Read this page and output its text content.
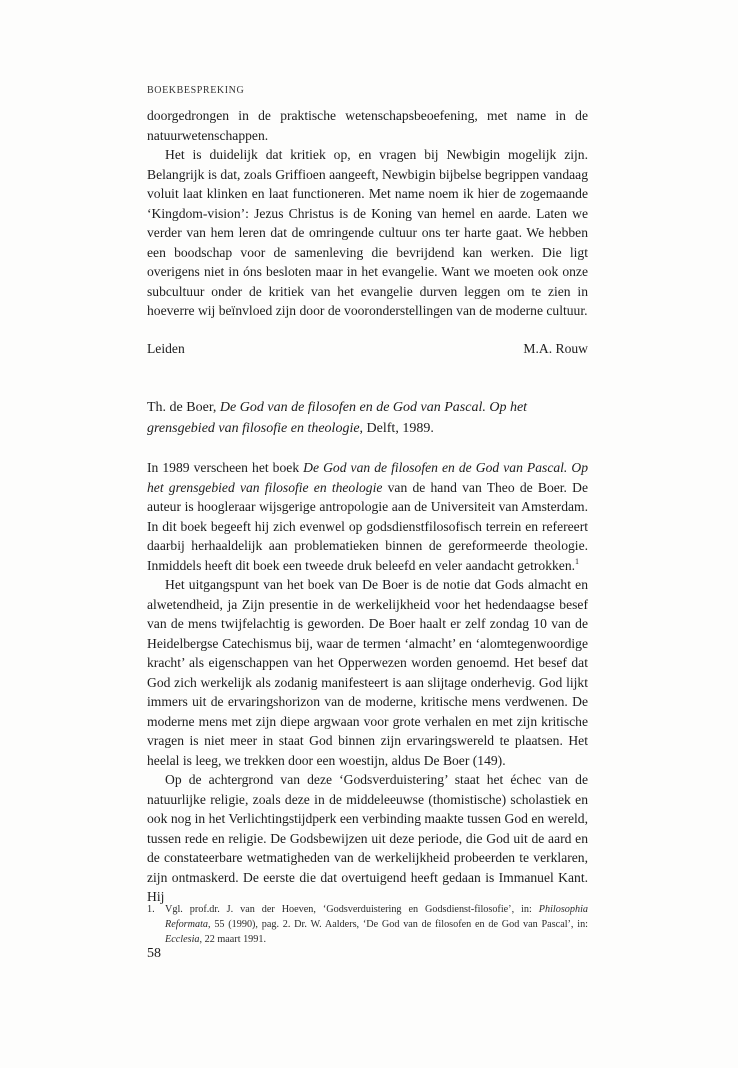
BOEKBESPREKING

doorgedrongen in de praktische wetenschapsbeoefening, met name in de natuurwetenschappen.

Het is duidelijk dat kritiek op, en vragen bij Newbigin mogelijk zijn. Belangrijk is dat, zoals Griffioen aangeeft, Newbigin bijbelse begrippen vandaag voluit laat klinken en laat functioneren. Met name noem ik hier de zogemaande ‘Kingdom-vision’: Jezus Christus is de Koning van hemel en aarde. Laten we verder van hem leren dat de omringende cultuur ons ter harte gaat. We hebben een boodschap voor de samenleving die bevrijdend kan werken. Die ligt overigens niet in óns besloten maar in het evangelie. Want we moeten ook onze subcultuur onder de kritiek van het evangelie durven leggen om te zien in hoeverre wij beïnvloed zijn door de vooronderstellingen van de moderne cultuur.

Leiden	M.A. Rouw

Th. de Boer, De God van de filosofen en de God van Pascal. Op het grensgebied van filosofie en theologie, Delft, 1989.

In 1989 verscheen het boek De God van de filosofen en de God van Pascal. Op het grensgebied van filosofie en theologie van de hand van Theo de Boer. De auteur is hoogleraar wijsgerige antropologie aan de Universiteit van Amsterdam. In dit boek begeeft hij zich evenwel op godsdienstfilosofisch terrein en refereert daarbij herhaaldelijk aan problematieken binnen de gereformeerde theologie. Inmiddels heeft dit boek een tweede druk beleefd en veler aandacht getrokken.$^1$

Het uitgangspunt van het boek van De Boer is de notie dat Gods almacht en alwetendheid, ja Zijn presentie in de werkelijkheid voor het hedendaagse besef van de mens twijfelachtig is geworden. De Boer haalt er zelf zondag 10 van de Heidelbergse Catechismus bij, waar de termen ‘almacht’ en ‘alomtegenwoordige kracht’ als eigenschappen van het Opperwezen worden genoemd. Het besef dat God zich werkelijk als zodanig manifesteert is aan slijtage onderhevig. God lijkt immers uit de ervaringshorizon van de moderne, kritische mens verdwenen. De moderne mens met zijn diepe argwaan voor grote verhalen en met zijn kritische vragen is niet meer in staat God binnen zijn ervaringswereld te plaatsen. Het heelal is leeg, we trekken door een woestijn, aldus De Boer (149).

Op de achtergrond van deze ‘Godsverduistering’ staat het échec van de natuurlijke religie, zoals deze in de middeleeuwse (thomistische) scholastiek en ook nog in het Verlichtingstijdperk een verbinding maakte tussen God en wereld, tussen rede en religie. De Godsbewijzen uit deze periode, die God uit de aard en de constateerbare wetmatigheden van de werkelijkheid probeerden te verklaren, zijn ontmaskerd. De eerste die dat overtuigend heeft gedaan is Immanuel Kant. Hij

1.	Vgl. prof.dr. J. van der Hoeven, ‘Godsverduistering en Godsdienst-filosofie’, in: Philosophia Reformata, 55 (1990), pag. 2. Dr. W. Aalders, ‘De God van de filosofen en de God van Pascal’, in: Ecclesia, 22 maart 1991.
58
